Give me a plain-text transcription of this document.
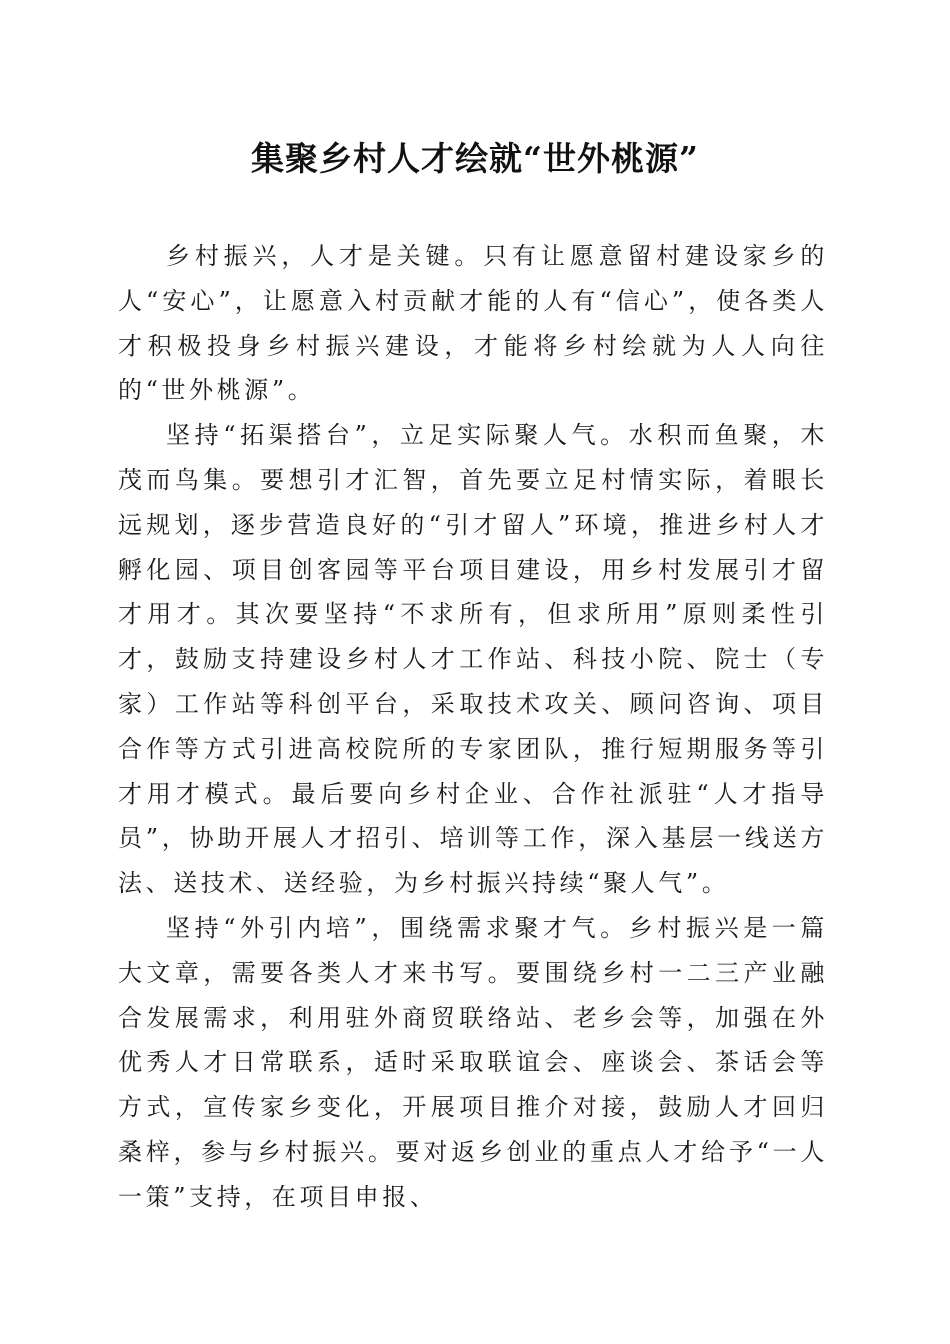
集聚乡村人才绘就“世外桃源”

乡村振兴，人才是关键。只有让愿意留村建设家乡的人“安心”，让愿意入村贡献才能的人有“信心”，使各类人才积极投身乡村振兴建设，才能将乡村绘就为人人向往的“世外桃源”。

坚持“拓渠搭台”，立足实际聚人气。水积而鱼聚，木茂而鸟集。要想引才汇智，首先要立足村情实际，着眼长远规划，逐步营造良好的“引才留人”环境，推进乡村人才孵化园、项目创客园等平台项目建设，用乡村发展引才留才用才。其次要坚持“不求所有，但求所用”原则柔性引才，鼓励支持建设乡村人才工作站、科技小院、院士（专家）工作站等科创平台，采取技术攻关、顾问咨询、项目合作等方式引进高校院所的专家团队，推行短期服务等引才用才模式。最后要向乡村企业、合作社派驻“人才指导员”，协助开展人才招引、培训等工作，深入基层一线送方法、送技术、送经验，为乡村振兴持续“聚人气”。

坚持“外引内培”，围绕需求聚才气。乡村振兴是一篇大文章，需要各类人才来书写。要围绕乡村一二三产业融合发展需求，利用驻外商贸联络站、老乡会等，加强在外优秀人才日常联系，适时采取联谊会、座谈会、茶话会等方式，宣传家乡变化，开展项目推介对接，鼓励人才回归桑梓，参与乡村振兴。要对返乡创业的重点人才给予“一人一策”支持，在项目申报、
